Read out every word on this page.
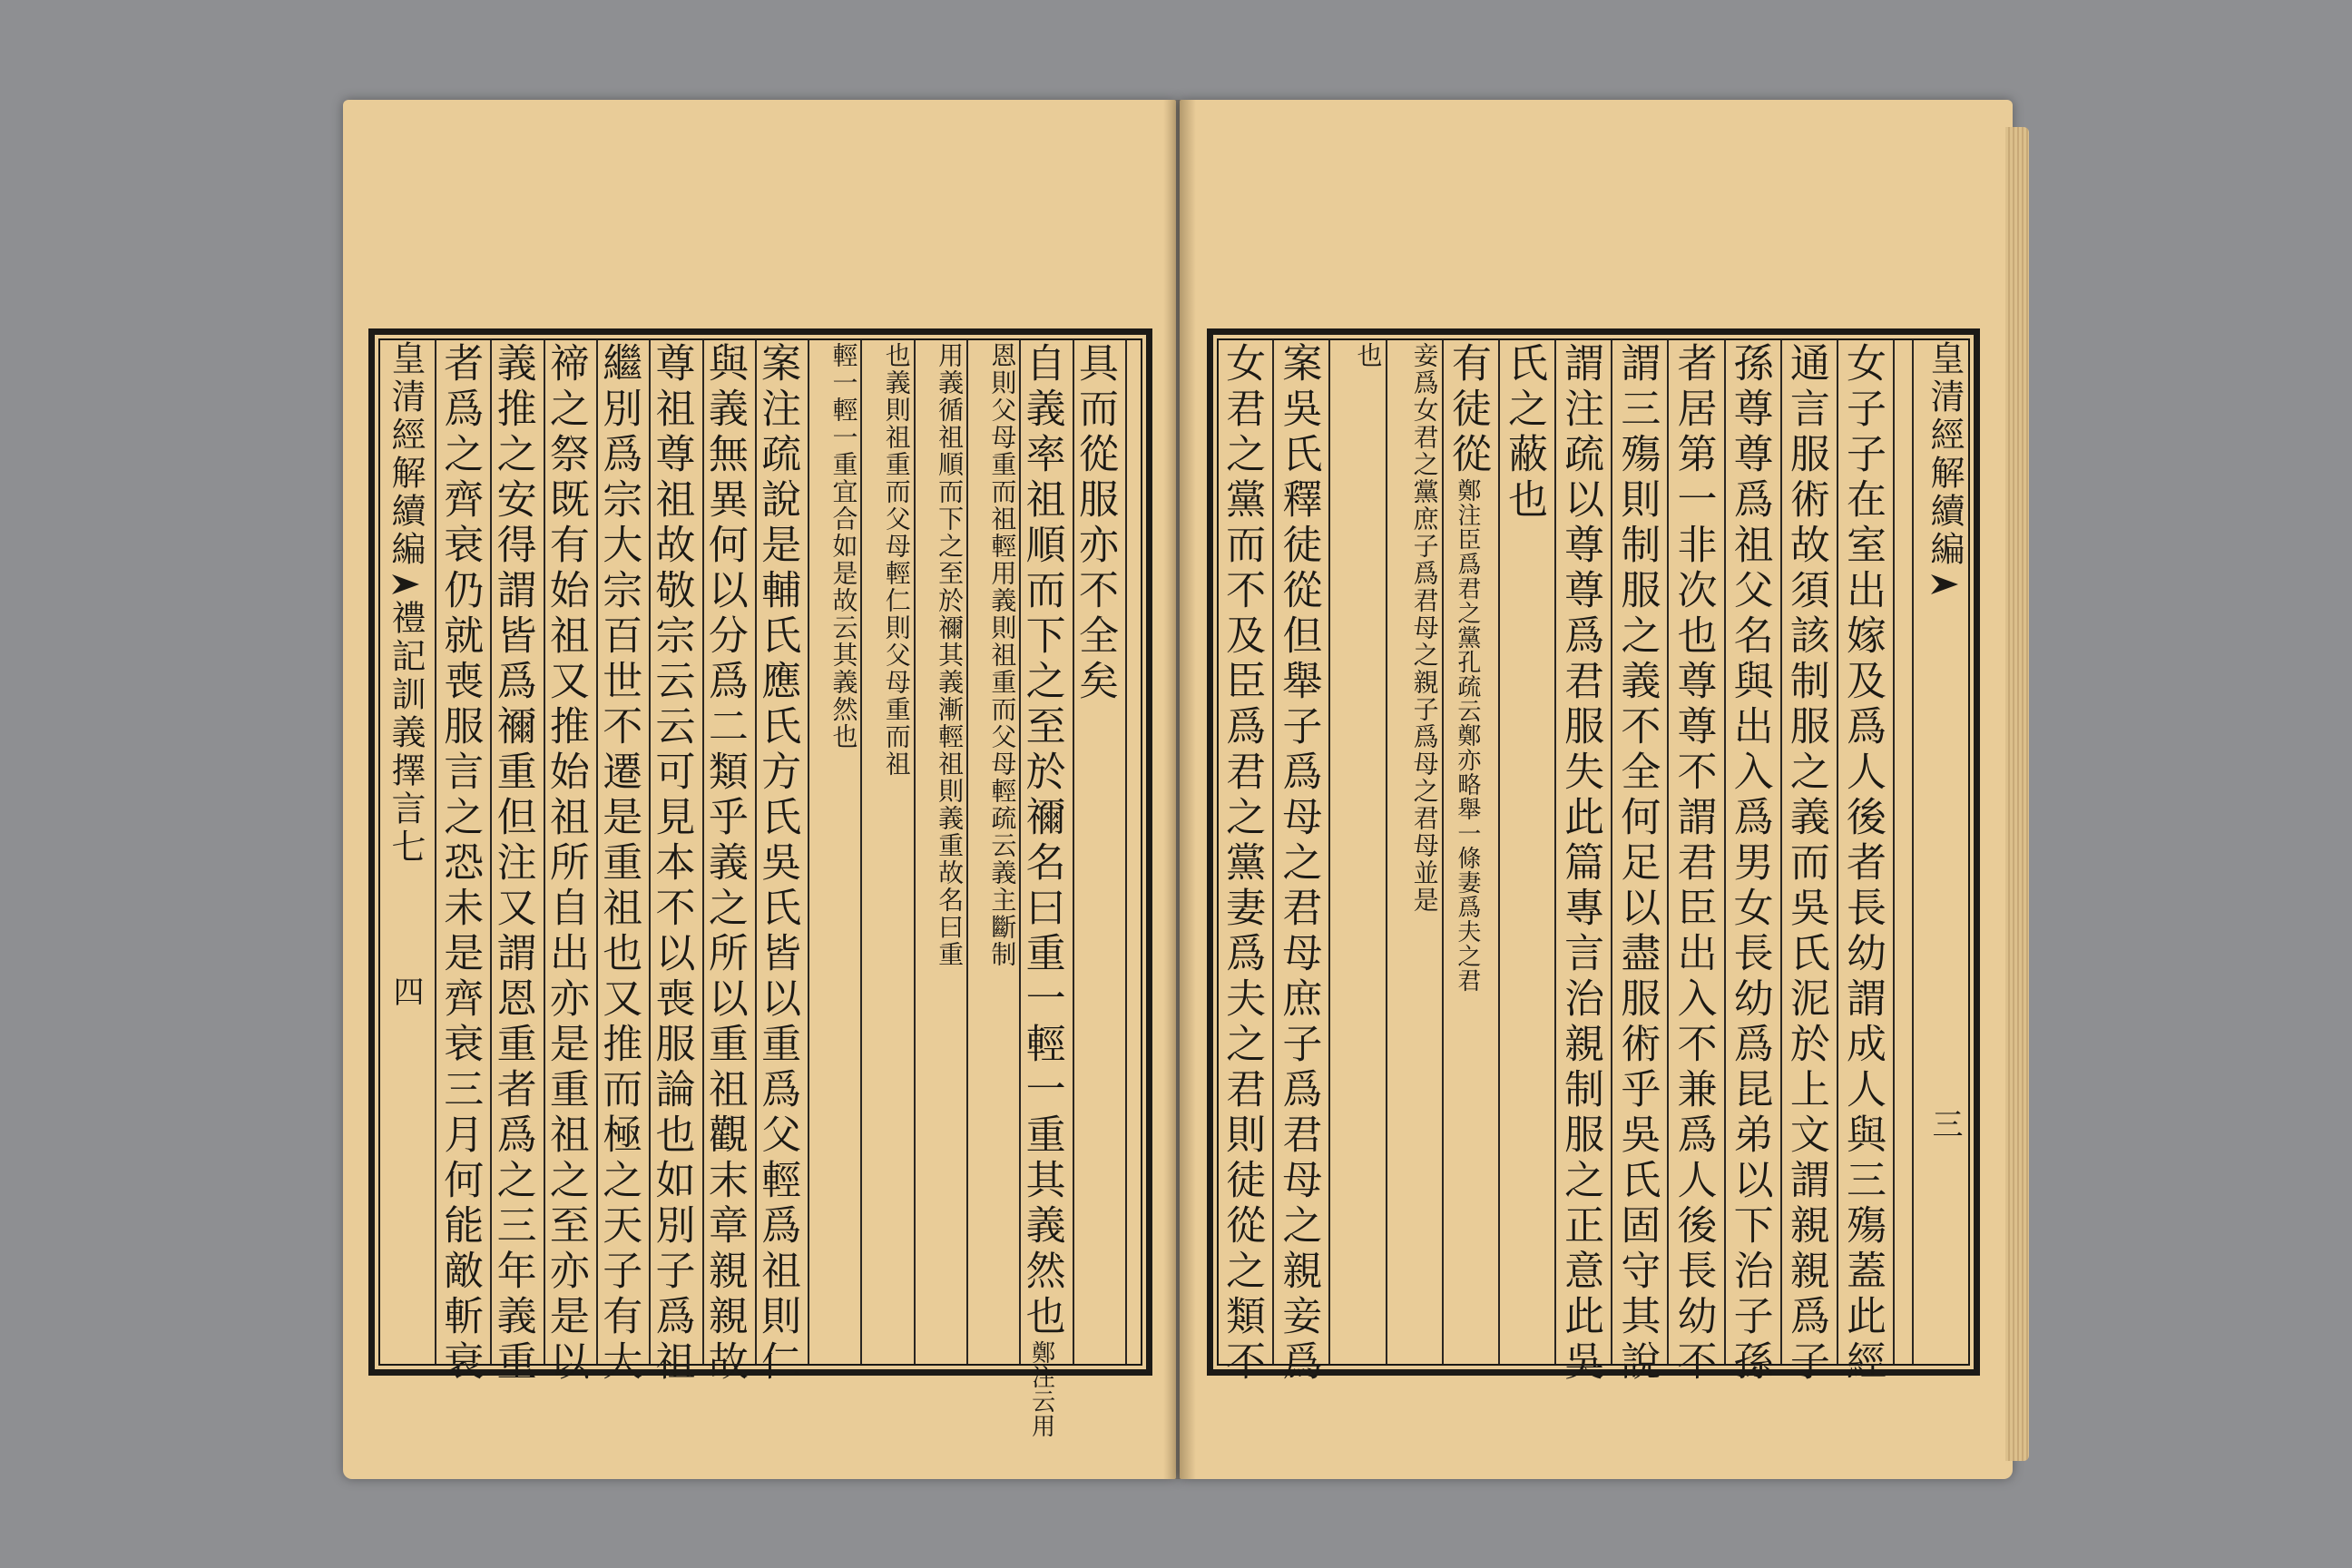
皇清經解續編禮記訓義擇言七四
具而從服亦不全矣
自義率祖順而下之至於禰名曰重一輕一重其義然也鄭注云用
恩則父母重而祖輕用義則祖重而父母輕疏云義主斷制
用義循祖順而下之至於禰其義漸輕祖則義重故名曰重
也義則祖重而父母輕仁則父母重而祖
輕一輕一重宜合如是故云其義然也
案注疏說是輔氏應氏方氏吳氏皆以重爲父輕爲祖則仁
與義無異何以分爲二類乎義之所以重祖觀末章親親故
尊祖尊祖故敬宗云云可見本不以喪服論也如別子爲祖
繼別爲宗大宗百世不遷是重祖也又推而極之天子有大
禘之祭既有始祖又推始祖所自出亦是重祖之至亦是以
義推之安得謂皆爲禰重但注又謂恩重者爲之三年義重
者爲之齊衰仍就喪服言之恐未是齊衰三月何能敵斬衰	女子子在室出嫁及爲人後者長幼謂成人與三殤蓋此經
通言服術故須該制服之義而吳氏泥於上文謂親親爲子
孫尊尊爲祖父名與出入爲男女長幼爲昆弟以下治子孫
者居第一非次也尊尊不謂君臣出入不兼爲人後長幼不
謂三殤則制服之義不全何足以盡服術乎吳氏固守其說
謂注疏以尊尊爲君服失此篇專言治親制服之正意此吳
氏之蔽也
有徒從鄭注臣爲君之黨孔疏云鄭亦略舉一條妻爲夫之君
妾爲女君之黨庶子爲君母之親子爲母之君母並是
也
案吳氏釋徒從但舉子爲母之君母庶子爲君母之親妾爲
女君之黨而不及臣爲君之黨妻爲夫之君則徒從之類不	皇清經解續編三
